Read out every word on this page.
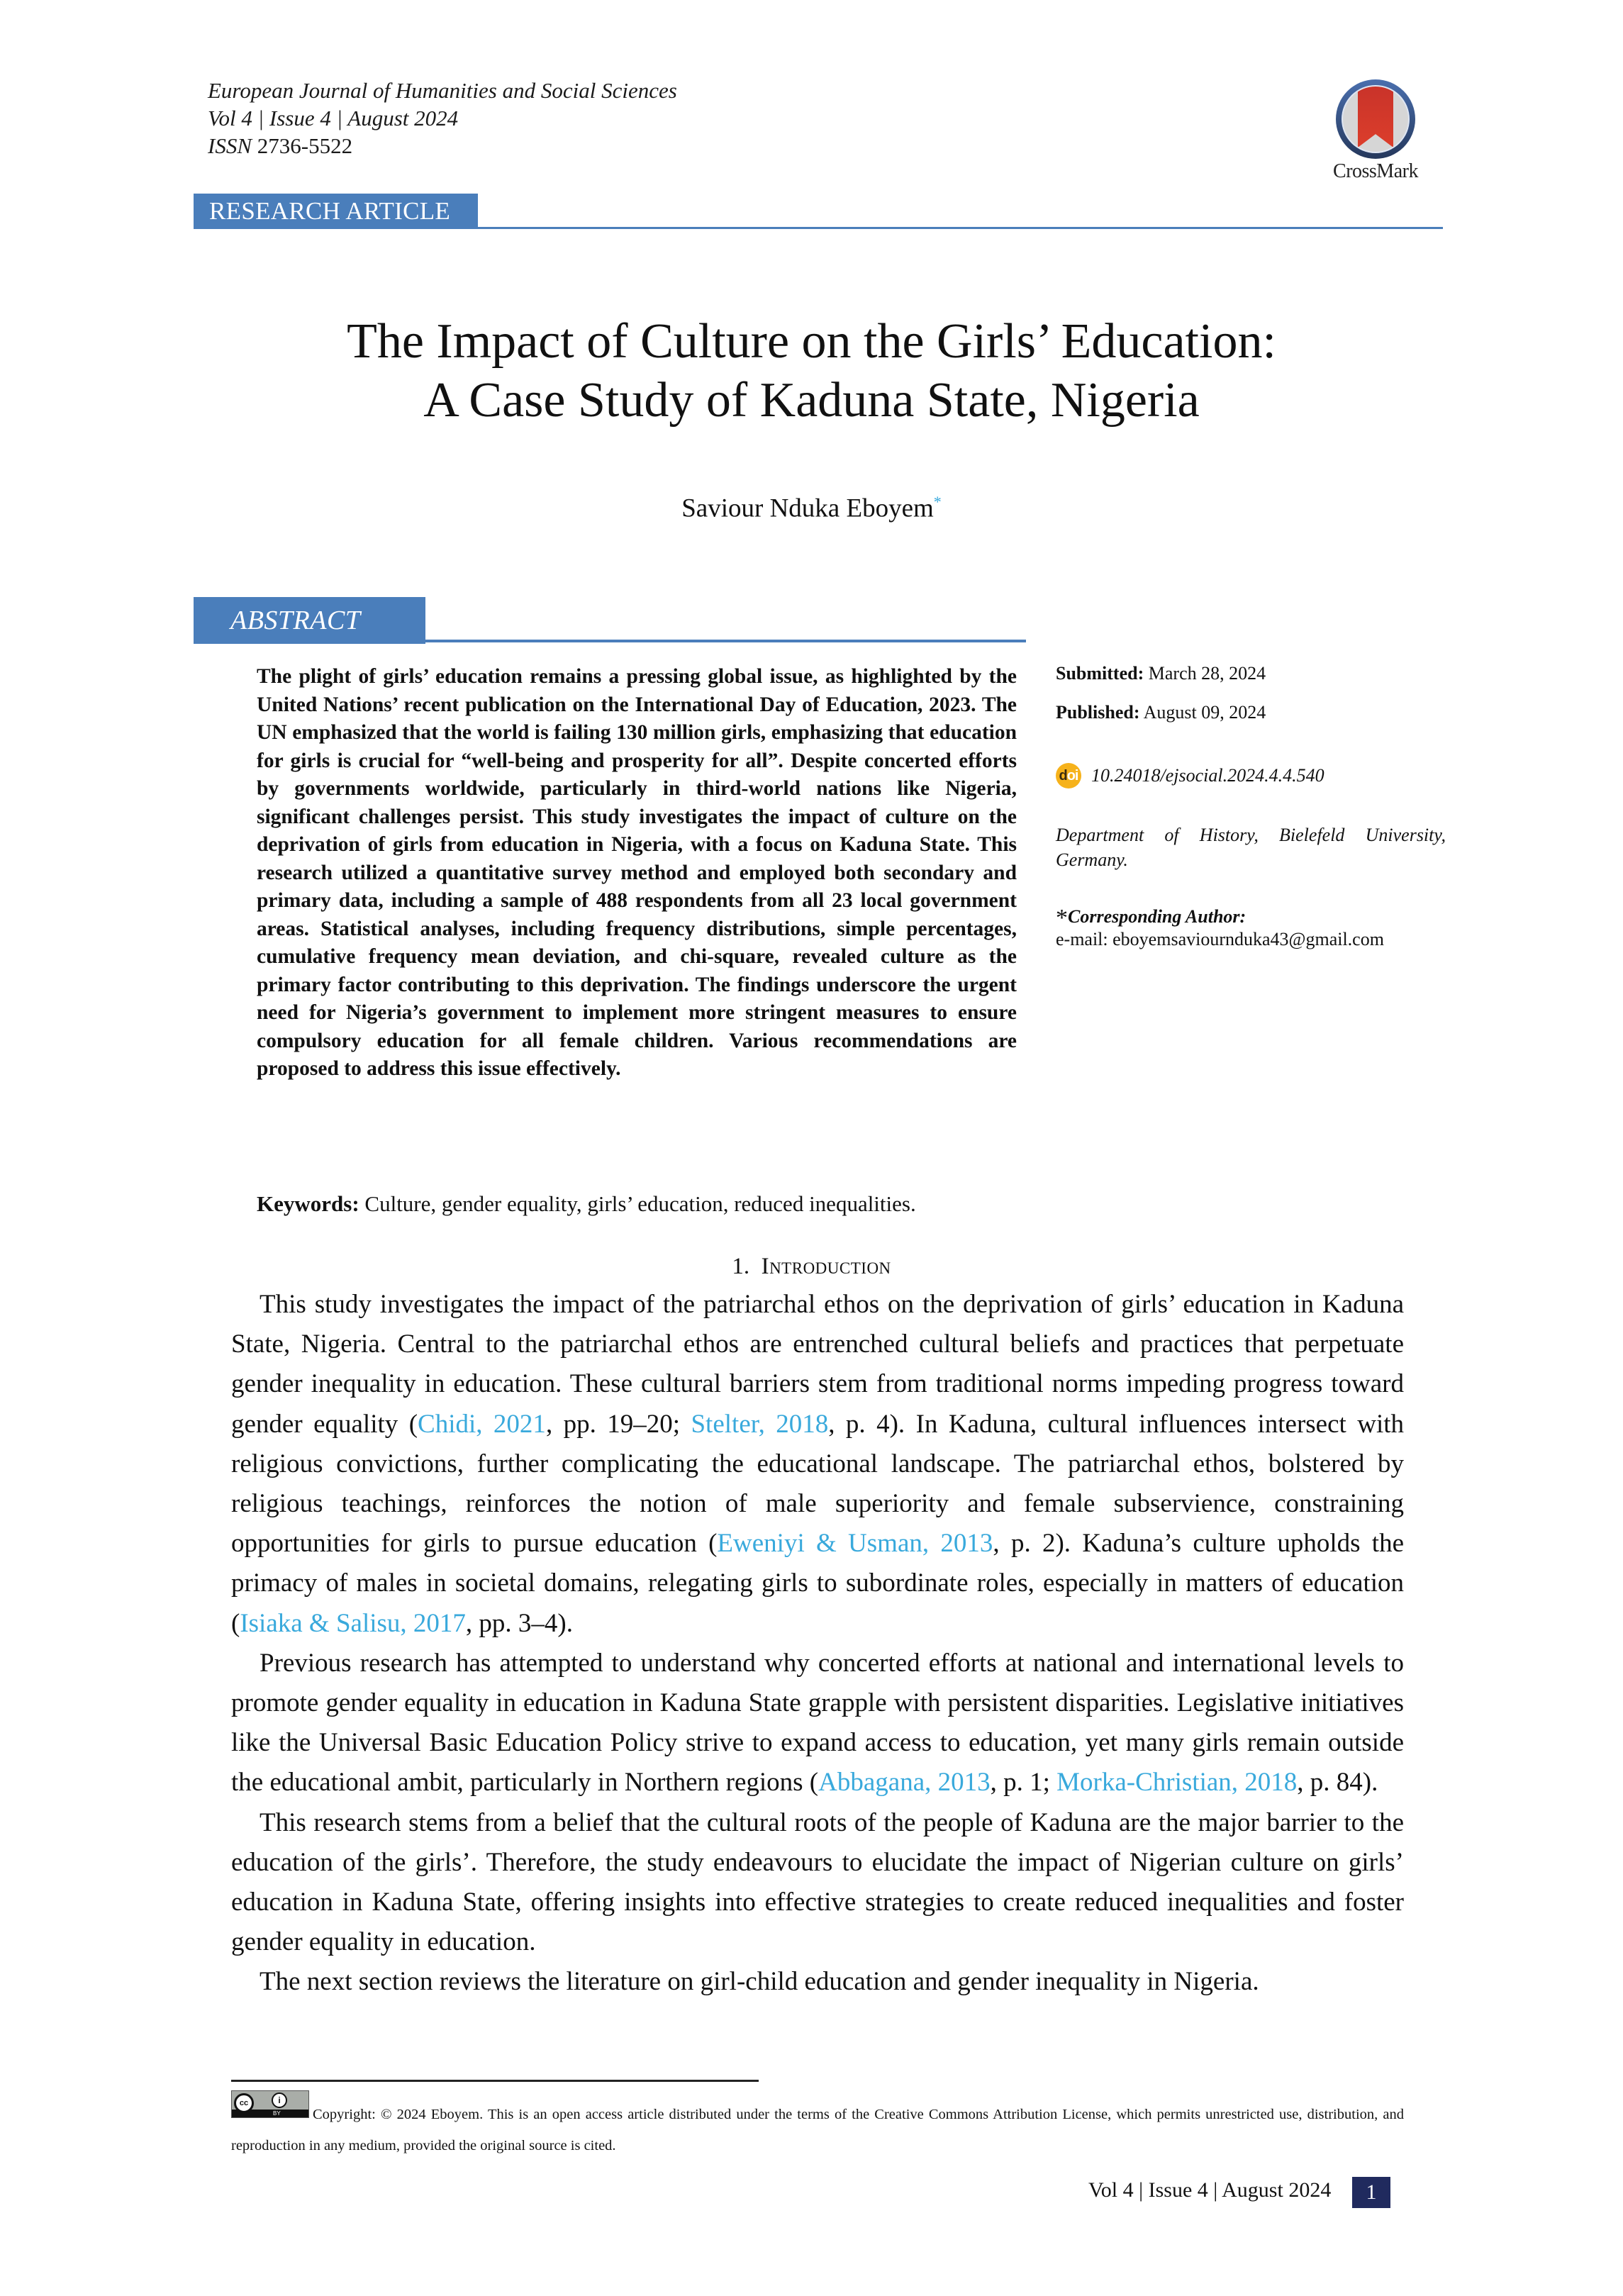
European Journal of Humanities and Social Sciences
Vol 4 | Issue 4 | August 2024
ISSN 2736-5522
CrossMark
RESEARCH ARTICLE
The Impact of Culture on the Girls’ Education:
A Case Study of Kaduna State, Nigeria
Saviour Nduka Eboyem*
ABSTRACT
The plight of girls’ education remains a pressing global issue, as highlighted by the United Nations’ recent publication on the International Day of Education, 2023. The UN emphasized that the world is failing 130 million girls, emphasizing that education for girls is crucial for “well-being and prosperity for all”. Despite concerted efforts by governments worldwide, particularly in third-world nations like Nigeria, significant challenges persist. This study investigates the impact of culture on the deprivation of girls from education in Nigeria, with a focus on Kaduna State. This research utilized a quantitative survey method and employed both secondary and primary data, including a sample of 488 respondents from all 23 local government areas. Statistical analyses, including frequency distributions, simple percentages, cumulative frequency mean deviation, and chi-square, revealed culture as the primary factor contributing to this deprivation. The findings underscore the urgent need for Nigeria’s government to implement more stringent measures to ensure compulsory education for all female children. Various recommendations are proposed to address this issue effectively.
Keywords: Culture, gender equality, girls’ education, reduced inequalities.
Submitted: March 28, 2024
Published: August 09, 2024
d oi 10.24018/ejsocial.2024.4.4.540
Department of History, Bielefeld University, Germany.
*Corresponding Author:
e-mail: eboyemsaviournduka43@gmail.com
1. Introduction

This study investigates the impact of the patriarchal ethos on the deprivation of girls’ education in Kaduna State, Nigeria. Central to the patriarchal ethos are entrenched cultural beliefs and practices that perpetuate gender inequality in education. These cultural barriers stem from traditional norms impeding progress toward gender equality (Chidi, 2021, pp. 19–20; Stelter, 2018, p. 4). In Kaduna, cultural influences intersect with religious convictions, further complicating the educational landscape. The patriarchal ethos, bolstered by religious teachings, reinforces the notion of male superiority and female subservience, constraining opportunities for girls to pursue education (Eweniyi & Usman, 2013, p. 2). Kaduna’s culture upholds the primacy of males in societal domains, relegating girls to subordinate roles, especially in matters of education (Isiaka & Salisu, 2017, pp. 3–4).

Previous research has attempted to understand why concerted efforts at national and international levels to promote gender equality in education in Kaduna State grapple with persistent disparities. Legislative initiatives like the Universal Basic Education Policy strive to expand access to education, yet many girls remain outside the educational ambit, particularly in Northern regions (Abbagana, 2013, p. 1; Morka-Christian, 2018, p. 84).

This research stems from a belief that the cultural roots of the people of Kaduna are the major barrier to the education of the girls’. Therefore, the study endeavours to elucidate the impact of Nigerian culture on girls’ education in Kaduna State, offering insights into effective strategies to create reduced inequalities and foster gender equality in education.

The next section reviews the literature on girl-child education and gender inequality in Nigeria.

Copyright: © 2024 Eboyem. This is an open access article distributed under the terms of the Creative Commons Attribution License, which permits unrestricted use, distribution, and reproduction in any medium, provided the original source is cited.
cc	i
BY
Vol 4 | Issue 4 | August 2024	1
